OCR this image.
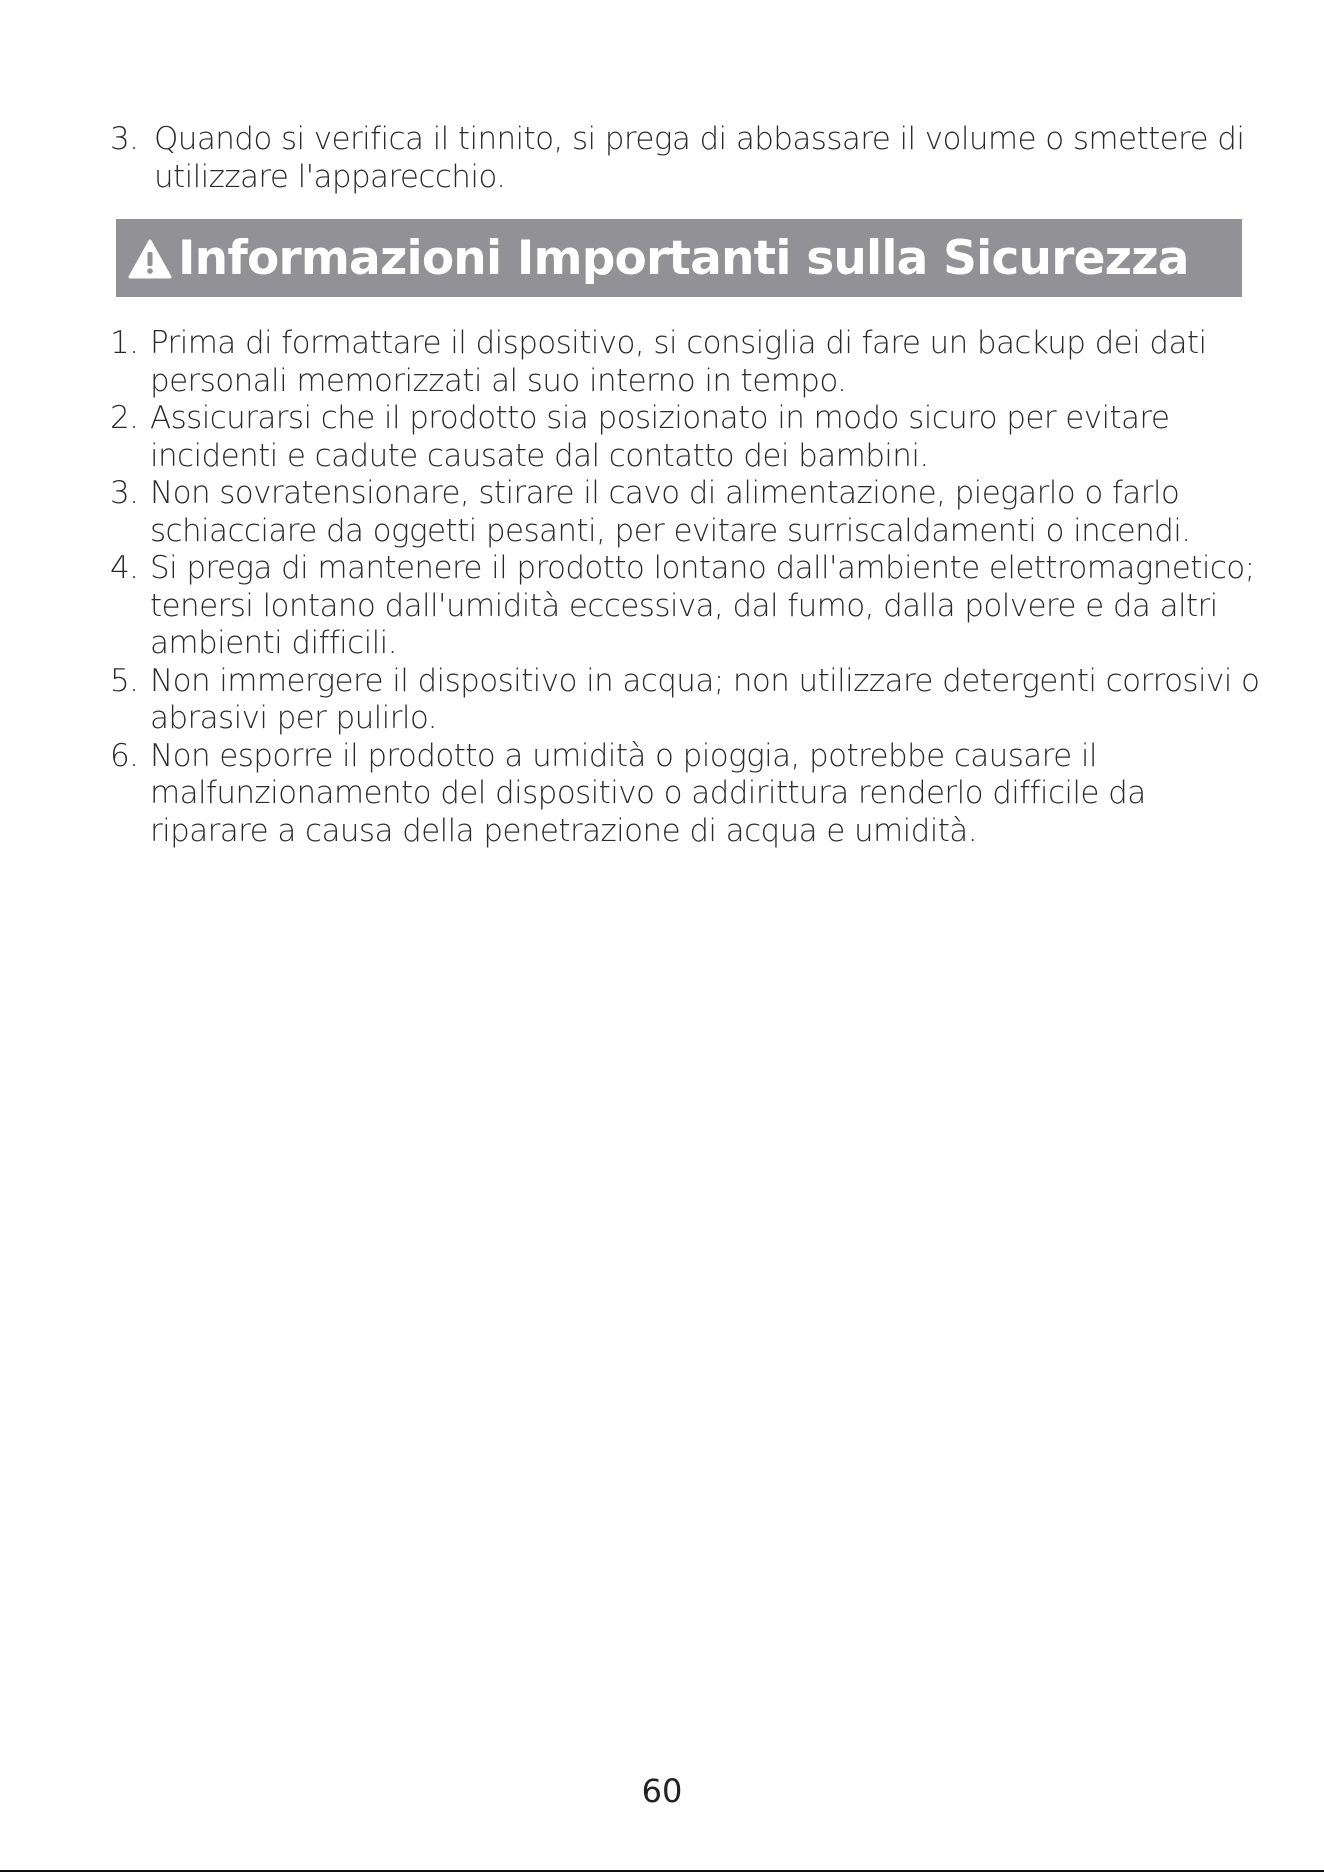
3. Quando si verifica il tinnito, si prega di abbassare il volume o smettere di utilizzare l'apparecchio.
Informazioni Importanti sulla Sicurezza
1. Prima di formattare il dispositivo, si consiglia di fare un backup dei dati personali memorizzati al suo interno in tempo.
2. Assicurarsi che il prodotto sia posizionato in modo sicuro per evitare incidenti e cadute causate dal contatto dei bambini.
3. Non sovratensionare, stirare il cavo di alimentazione, piegarlo o farlo schiacciare da oggetti pesanti, per evitare surriscaldamenti o incendi.
4. Si prega di mantenere il prodotto lontano dall'ambiente elettromagnetico; tenersi lontano dall'umidità eccessiva, dal fumo, dalla polvere e da altri ambienti difficili.
5. Non immergere il dispositivo in acqua; non utilizzare detergenti corrosivi o abrasivi per pulirlo.
6. Non esporre il prodotto a umidità o pioggia, potrebbe causare il malfunzionamento del dispositivo o addirittura renderlo difficile da riparare a causa della penetrazione di acqua e umidità.
60
